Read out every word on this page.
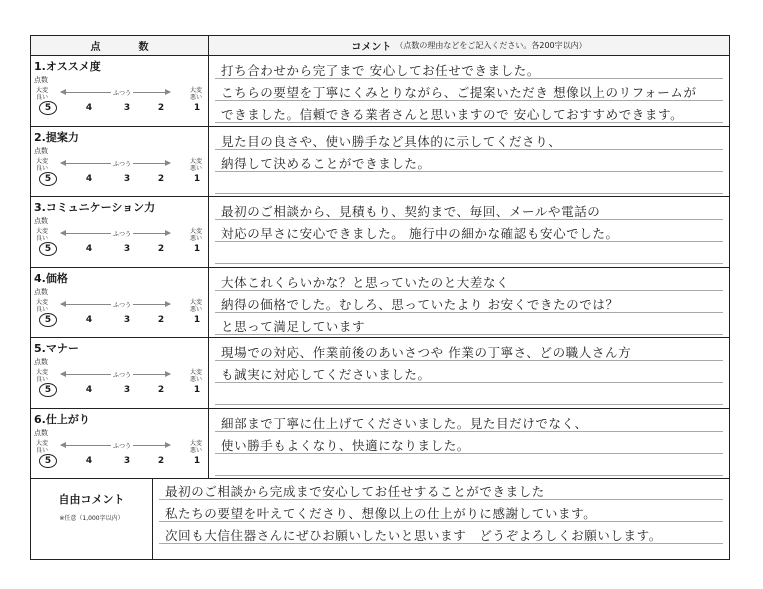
点　数	コメント （点数の理由などをご記入ください。各200字以内）
1.オススメ度
点数
大変
良い
ふつう	大変
悪い
5	4	3	2	1
打ち合わせから完了まで 安心してお任せできました。
こちらの要望を丁寧にくみとりながら、ご提案いただき 想像以上のリフォームが
できました。信頼できる業者さんと思いますので 安心しておすすめできます。
2.提案力
点数
大変
良い
ふつう	大変
悪い
5	4	3	2	1
見た目の良さや、使い勝手など具体的に示してくださり、
納得して決めることができました。
3.コミュニケーション力
点数
大変
良い
ふつう	大変
悪い
5	4	3	2	1
最初のご相談から、見積もり、契約まで、毎回、メールや電話の
対応の早さに安心できました。 施行中の細かな確認も安心でした。
4.価格
点数
大変
良い
ふつう	大変
悪い
5	4	3	2	1
大体これくらいかな？と思っていたのと大差なく
納得の価格でした。むしろ、思っていたより お安くできたのでは？
と思って満足しています
5.マナー
点数
大変
良い
ふつう	大変
悪い
5	4	3	2	1
現場での対応、作業前後のあいさつや 作業の丁寧さ、どの職人さん方
も誠実に対応してくださいました。
6.仕上がり
点数
大変
良い
ふつう	大変
悪い
5	4	3	2	1
細部まで丁寧に仕上げてくださいました。見た目だけでなく、
使い勝手もよくなり、快適になりました。
自由コメント
※任意（1,000字以内）
最初のご相談から完成まで安心してお任せすることができました
私たちの要望を叶えてくださり、想像以上の仕上がりに感謝しています。
次回も大信住器さんにぜひお願いしたいと思います　どうぞよろしくお願いします。
